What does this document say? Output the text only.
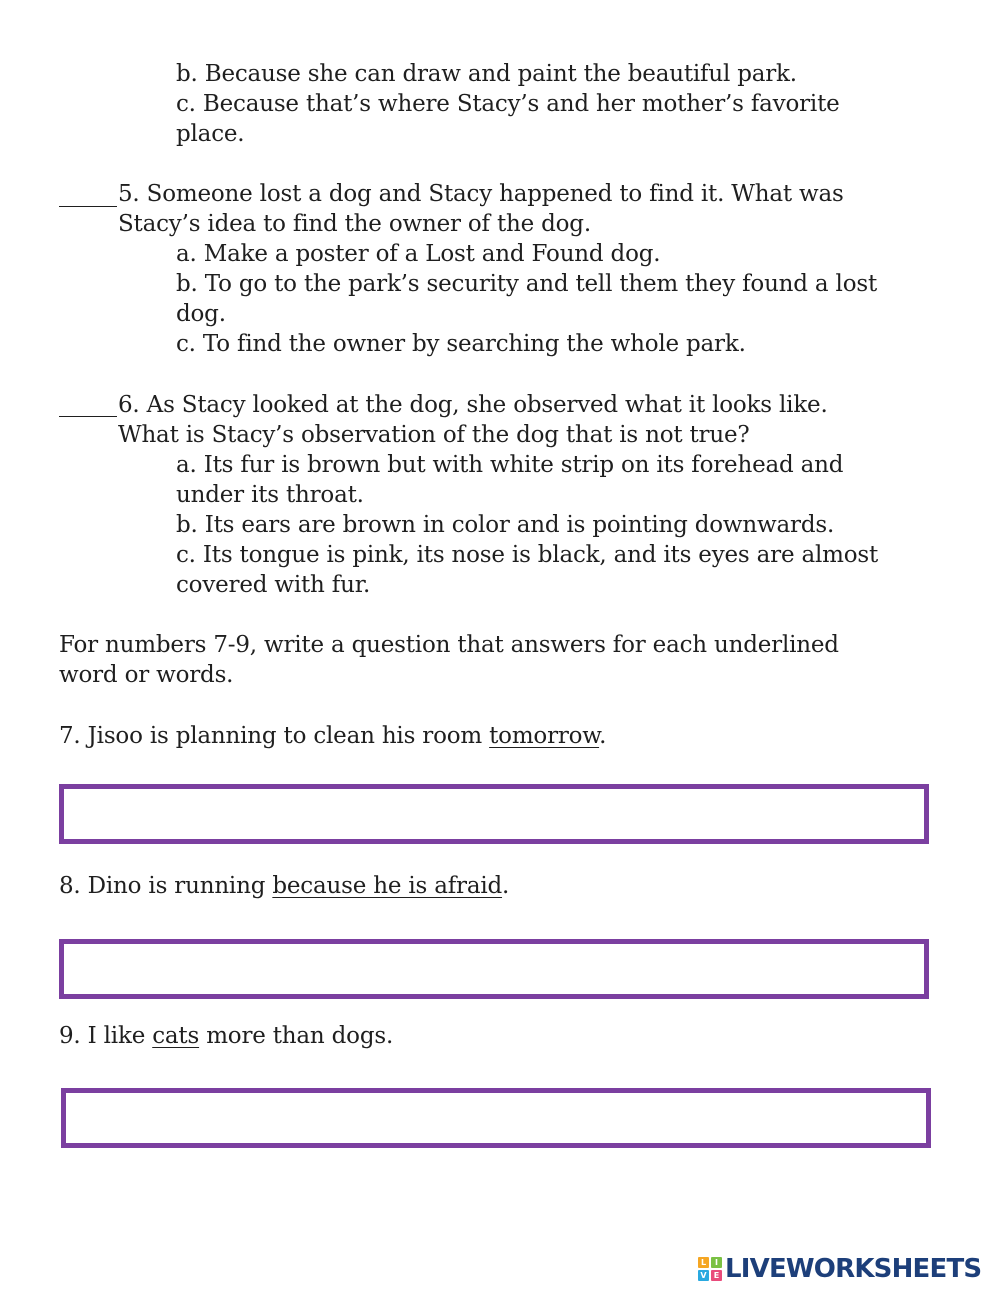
b. Because she can draw and paint the beautiful park.
c. Because that’s where Stacy’s and her mother’s favorite
place.
5. Someone lost a dog and Stacy happened to find it. What was
Stacy’s idea to find the owner of the dog.
a. Make a poster of a Lost and Found dog.
b. To go to the park’s security and tell them they found a lost
dog.
c. To find the owner by searching the whole park.
6. As Stacy looked at the dog, she observed what it looks like.
What is Stacy’s observation of the dog that is not true?
a. Its fur is brown but with white strip on its forehead and
under its throat.
b. Its ears are brown in color and is pointing downwards.
c. Its tongue is pink, its nose is black, and its eyes are almost
covered with fur.
For numbers 7-9, write a question that answers for each underlined
word or words.
7. Jisoo is planning to clean his room tomorrow.
8. Dino is running because he is afraid.
9. I like cats more than dogs.
L	I
V E LIVEWORKSHEETS
